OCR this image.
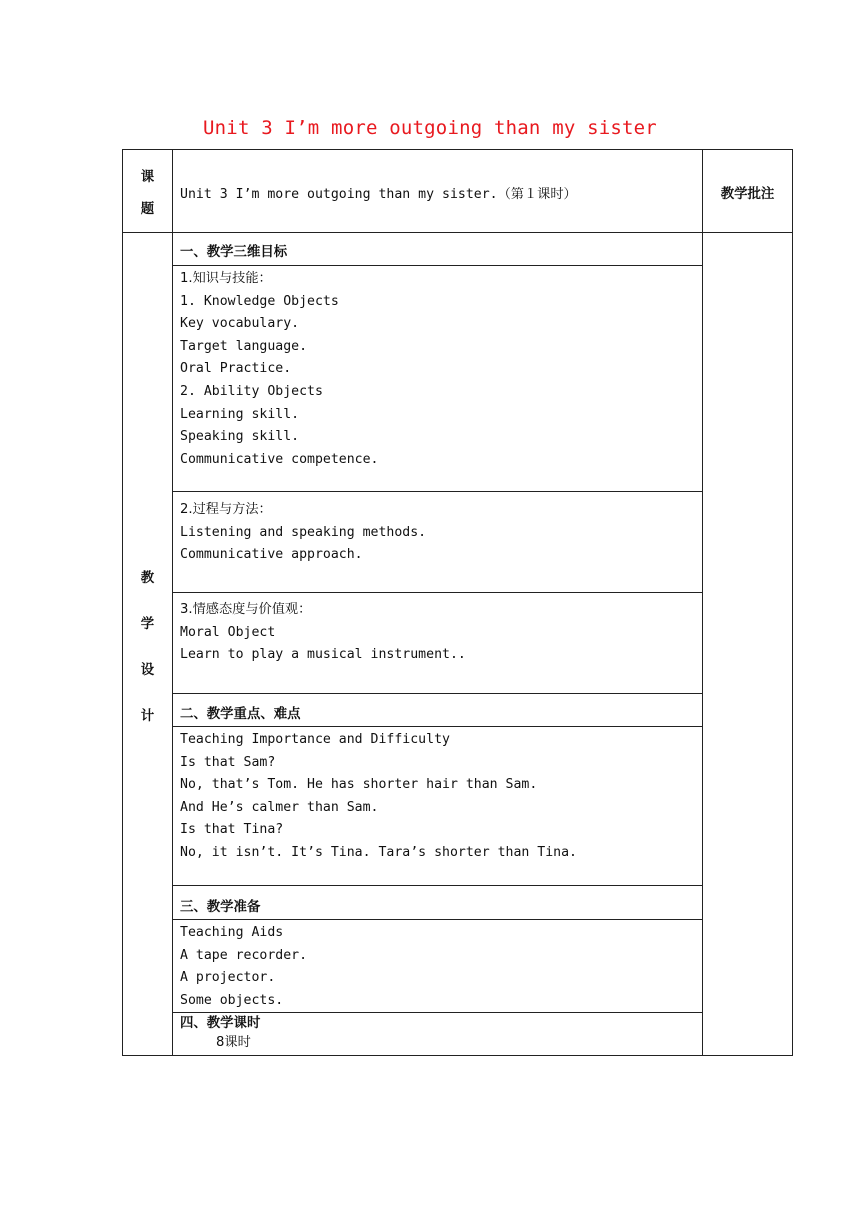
Unit 3 I’m more outgoing than my sister
课
题
Unit 3 I’m more outgoing than my sister.（第１课时）	教学批注
教
学
设
计
一、教学三维目标
1.知识与技能：
1. Knowledge Objects
Key vocabulary.
Target language.
Oral Practice.
2. Ability Objects
Learning skill.
Speaking skill.
Communicative competence.
2.过程与方法：
Listening and speaking methods.
Communicative approach.
3.情感态度与价值观：
Moral Object
Learn to play a musical instrument..
二、教学重点、难点
Teaching Importance and Difficulty
Is that Sam?
No, that’s Tom. He has shorter hair than Sam.
And He’s calmer than Sam.
Is that Tina?
No, it isn’t. It’s Tina. Tara’s shorter than Tina.
三、教学准备
Teaching Aids
A tape recorder.
A projector.
Some objects.
四、教学课时
8课时
